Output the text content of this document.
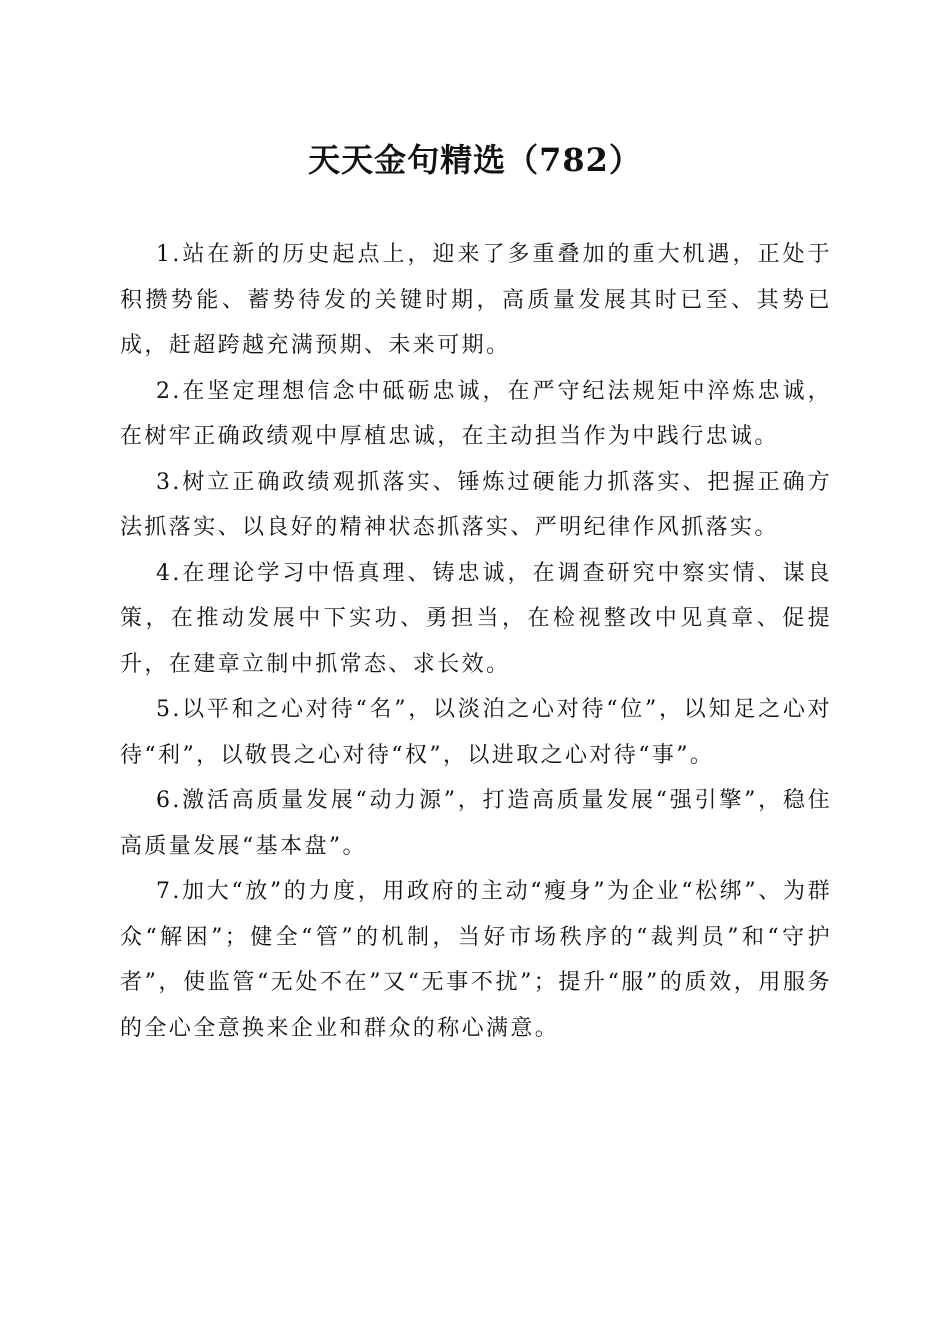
天天金句精选（782）

1.站在新的历史起点上，迎来了多重叠加的重大机遇，正处于积攒势能、蓄势待发的关键时期，高质量发展其时已至、其势已成，赶超跨越充满预期、未来可期。

2.在坚定理想信念中砥砺忠诚，在严守纪法规矩中淬炼忠诚，在树牢正确政绩观中厚植忠诚，在主动担当作为中践行忠诚。

3.树立正确政绩观抓落实、锤炼过硬能力抓落实、把握正确方法抓落实、以良好的精神状态抓落实、严明纪律作风抓落实。

4.在理论学习中悟真理、铸忠诚，在调查研究中察实情、谋良策，在推动发展中下实功、勇担当，在检视整改中见真章、促提升，在建章立制中抓常态、求长效。

5.以平和之心对待“名”，以淡泊之心对待“位”，以知足之心对待“利”，以敬畏之心对待“权”，以进取之心对待“事”。

6.激活高质量发展“动力源”，打造高质量发展“强引擎”，稳住高质量发展“基本盘”。

7.加大“放”的力度，用政府的主动“瘦身”为企业“松绑”、为群众“解困”；健全“管”的机制，当好市场秩序的“裁判员”和“守护者”，使监管“无处不在”又“无事不扰”；提升“服”的质效，用服务的全心全意换来企业和群众的称心满意。
